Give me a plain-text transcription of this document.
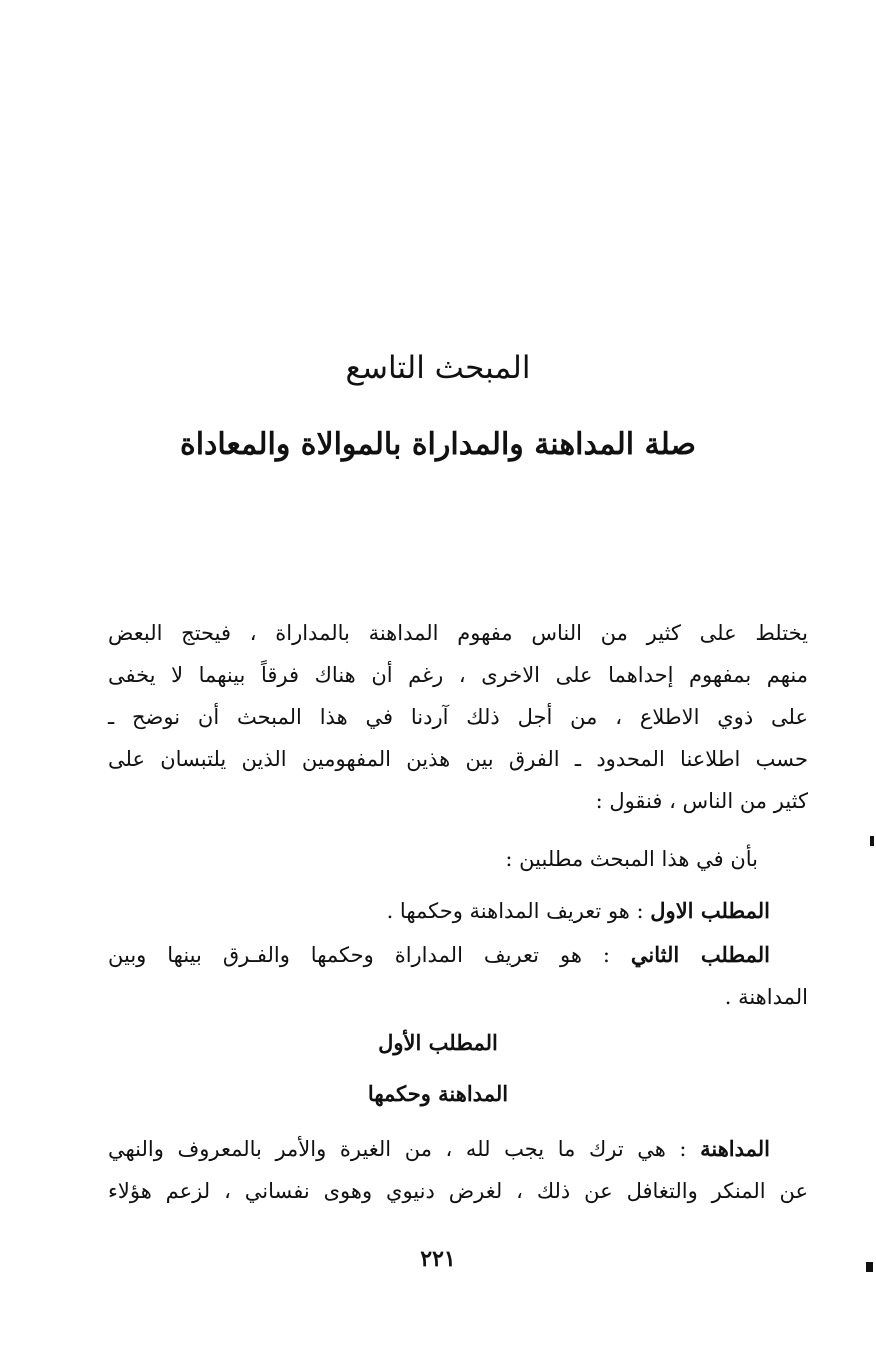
المبحث التاسع
صلة المداهنة والمداراة بالموالاة والمعاداة
يختلط على كثير من الناس مفهوم المداهنة بالمداراة ، فيحتج البعض
منهم بمفهوم إحداهما على الاخرى ، رغم أن هناك فرقاً بينهما لا يخفى
على ذوي الاطلاع ، من أجل ذلك آردنا في هذا المبحث أن نوضح ـ
حسب اطلاعنا المحدود ـ الفرق بين هذين المفهومين الذين يلتبسان على
كثير من الناس ، فنقول :
بأن في هذا المبحث مطلبين :
المطلب الاول : هو تعريف المداهنة وحكمها .
المطلب الثاني : هو تعريف المداراة وحكمها والفـرق بينها وبين
المداهنة .
المطلب الأول
المداهنة وحكمها
المداهنة : هي ترك ما يجب لله ، من الغيرة والأمر بالمعروف والنهي
عن المنكر والتغافل عن ذلك ، لغرض دنيوي وهوى نفساني ، لزعم هؤلاء
٢٢١
